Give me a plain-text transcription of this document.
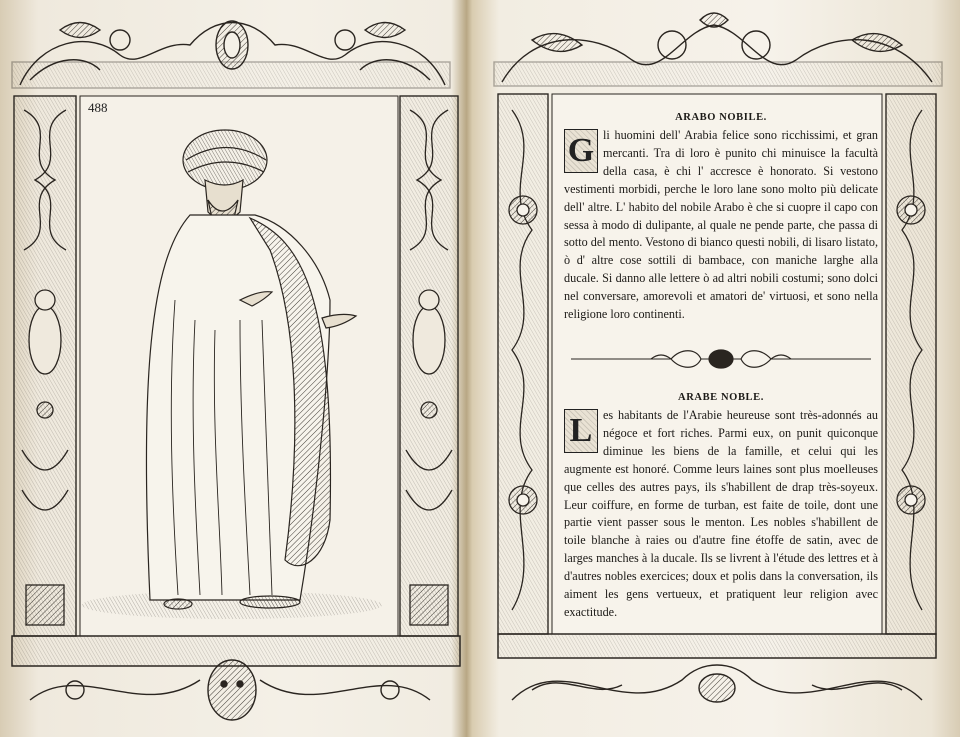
488
ARABO NOBILE.

G li huomini dell' Arabia felice sono ricchissimi, et gran mercanti. Tra di loro è punito chi minuisce la facultà della casa, è chi l' accresce è honorato. Si vestono vestimenti morbidi, perche le loro lane sono molto più delicate dell' altre. L' habito del nobile Arabo è che si cuopre il capo con sessa à modo di dulipante, al quale ne pende parte, che passa di sotto del mento. Vestono di bianco questi nobili, di lisaro listato, ò d' altre cose sottili di bambace, con maniche larghe alla ducale. Si danno alle lettere ò ad altri nobili costumi; sono dolci nel conversare, amorevoli et amatori de' virtuosi, et sono nella religione loro continenti.

ARABE NOBLE.

L es habitants de l'Arabie heureuse sont très-adonnés au négoce et fort riches. Parmi eux, on punit quiconque diminue les biens de la famille, et celui qui les augmente est honoré. Comme leurs laines sont plus moelleuses que celles des autres pays, ils s'habillent de drap très-soyeux. Leur coiffure, en forme de turban, est faite de toile, dont une partie vient passer sous le menton. Les nobles s'habillent de toile blanche à raies ou d'autre fine étoffe de satin, avec de larges manches à la ducale. Ils se livrent à l'étude des lettres et à d'autres nobles exercices; doux et polis dans la conversation, ils aiment les gens vertueux, et pratiquent leur religion avec exactitude.
